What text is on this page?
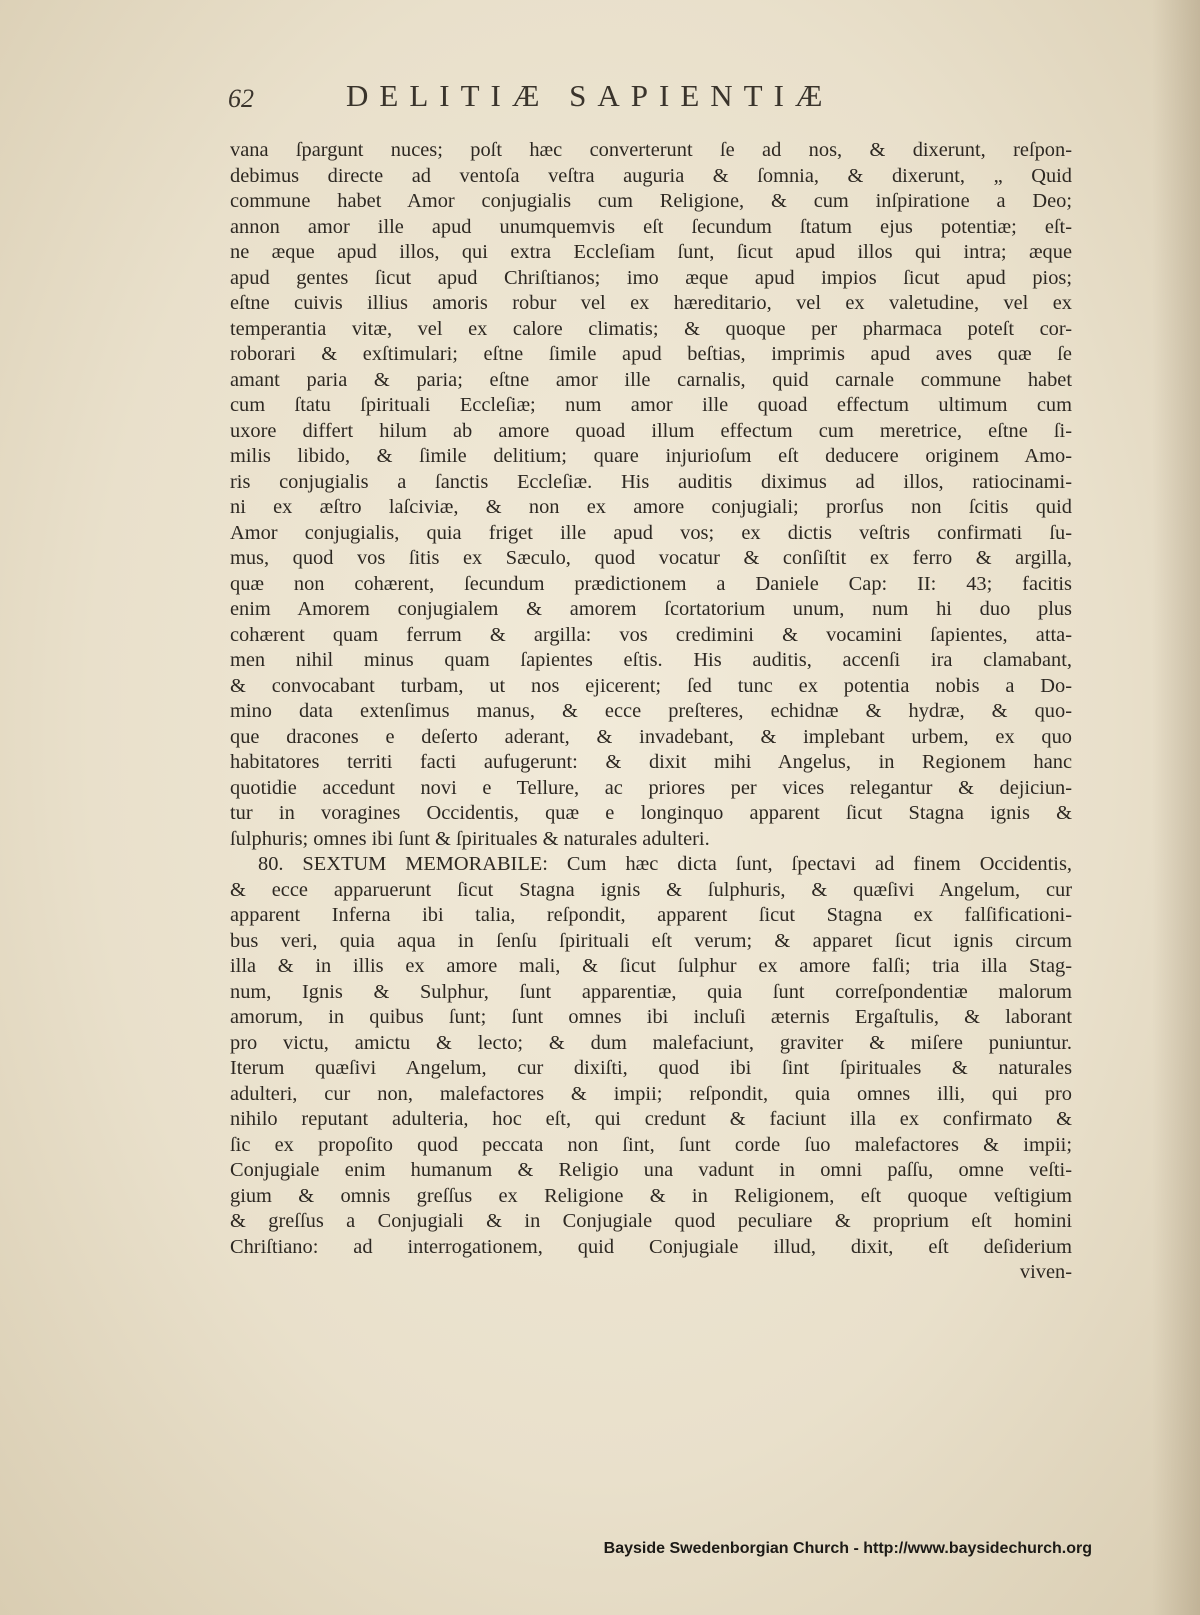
62	DELITIÆ SAPIENTIÆ
vana ſpargunt nuces; poſt hæc converterunt ſe ad nos, & dixerunt, reſpon-
debimus directe ad ventoſa veſtra auguria & ſomnia, & dixerunt, „ Quid
commune habet Amor conjugialis cum Religione, & cum inſpiratione a Deo;
annon amor ille apud unumquemvis eſt ſecundum ſtatum ejus potentiæ; eſt-
ne æque apud illos, qui extra Eccleſiam ſunt, ſicut apud illos qui intra; æque
apud gentes ſicut apud Chriſtianos; imo æque apud impios ſicut apud pios;
eſtne cuivis illius amoris robur vel ex hæreditario, vel ex valetudine, vel ex
temperantia vitæ, vel ex calore climatis; & quoque per pharmaca poteſt cor-
roborari & exſtimulari; eſtne ſimile apud beſtias, imprimis apud aves quæ ſe
amant paria & paria; eſtne amor ille carnalis, quid carnale commune habet
cum ſtatu ſpirituali Eccleſiæ; num amor ille quoad effectum ultimum cum
uxore differt hilum ab amore quoad illum effectum cum meretrice, eſtne ſi-
milis libido, & ſimile delitium; quare injurioſum eſt deducere originem Amo-
ris conjugialis a ſanctis Eccleſiæ. His auditis diximus ad illos, ratiocinami-
ni ex æſtro laſciviæ, & non ex amore conjugiali; prorſus non ſcitis quid
Amor conjugialis, quia friget ille apud vos; ex dictis veſtris confirmati ſu-
mus, quod vos ſitis ex Sæculo, quod vocatur & conſiſtit ex ferro & argilla,
quæ non cohærent, ſecundum prædictionem a Daniele Cap: II: 43; facitis
enim Amorem conjugialem & amorem ſcortatorium unum, num hi duo plus
cohærent quam ferrum & argilla: vos credimini & vocamini ſapientes, atta-
men nihil minus quam ſapientes eſtis. His auditis, accenſi ira clamabant,
& convocabant turbam, ut nos ejicerent; ſed tunc ex potentia nobis a Do-
mino data extenſimus manus, & ecce preſteres, echidnæ & hydræ, & quo-
que dracones e deſerto aderant, & invadebant, & implebant urbem, ex quo
habitatores territi facti aufugerunt: & dixit mihi Angelus, in Regionem hanc
quotidie accedunt novi e Tellure, ac priores per vices relegantur & dejiciun-
tur in voragines Occidentis, quæ e longinquo apparent ſicut Stagna ignis &
ſulphuris; omnes ibi ſunt & ſpirituales & naturales adulteri.
80. SEXTUM MEMORABILE: Cum hæc dicta ſunt, ſpectavi ad finem Occidentis,
& ecce apparuerunt ſicut Stagna ignis & ſulphuris, & quæſivi Angelum, cur
apparent Inferna ibi talia, reſpondit, apparent ſicut Stagna ex falſificationi-
bus veri, quia aqua in ſenſu ſpirituali eſt verum; & apparet ſicut ignis circum
illa & in illis ex amore mali, & ſicut ſulphur ex amore falſi; tria illa Stag-
num, Ignis & Sulphur, ſunt apparentiæ, quia ſunt correſpondentiæ malorum
amorum, in quibus ſunt; ſunt omnes ibi incluſi æternis Ergaſtulis, & laborant
pro victu, amictu & lecto; & dum malefaciunt, graviter & miſere puniuntur.
Iterum quæſivi Angelum, cur dixiſti, quod ibi ſint ſpirituales & naturales
adulteri, cur non, malefactores & impii; reſpondit, quia omnes illi, qui pro
nihilo reputant adulteria, hoc eſt, qui credunt & faciunt illa ex confirmato &
ſic ex propoſito quod peccata non ſint, ſunt corde ſuo malefactores & impii;
Conjugiale enim humanum & Religio una vadunt in omni paſſu, omne veſti-
gium & omnis greſſus ex Religione & in Religionem, eſt quoque veſtigium
& greſſus a Conjugiali & in Conjugiale quod peculiare & proprium eſt homini
Chriſtiano: ad interrogationem, quid Conjugiale illud, dixit, eſt deſiderium
viven-
Bayside Swedenborgian Church - http://www.baysidechurch.org
